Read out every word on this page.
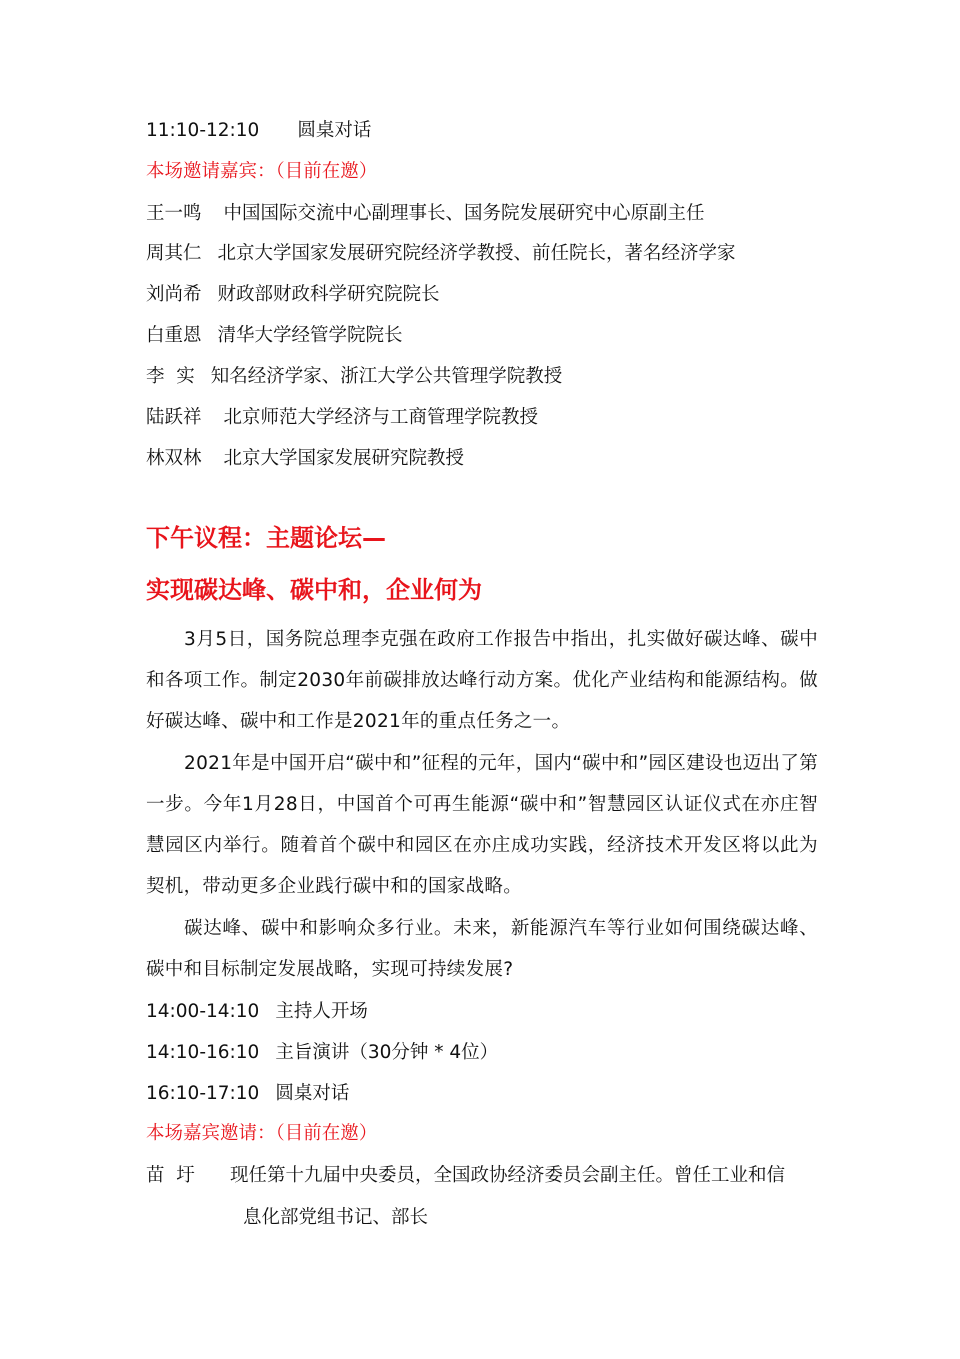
11:10-12:10 圆桌对话
本场邀请嘉宾：（目前在邀）
王一鸣 中国国际交流中心副理事长、国务院发展研究中心原副主任
周其仁 北京大学国家发展研究院经济学教授、前任院长，著名经济学家
刘尚希 财政部财政科学研究院院长
白重恩 清华大学经管学院院长
李  实 知名经济学家、浙江大学公共管理学院教授
陆跃祥 北京师范大学经济与工商管理学院教授
林双林 北京大学国家发展研究院教授
下午议程：主题论坛—
实现碳达峰、碳中和，企业何为
3月5日，国务院总理李克强在政府工作报告中指出，扎实做好碳达峰、碳中和各项工作。制定2030年前碳排放达峰行动方案。优化产业结构和能源结构。做好碳达峰、碳中和工作是2021年的重点任务之一。
2021年是中国开启“碳中和”征程的元年，国内“碳中和”园区建设也迈出了第一步。今年1月28日，中国首个可再生能源“碳中和”智慧园区认证仪式在亦庄智慧园区内举行。随着首个碳中和园区在亦庄成功实践，经济技术开发区将以此为契机，带动更多企业践行碳中和的国家战略。
碳达峰、碳中和影响众多行业。未来，新能源汽车等行业如何围绕碳达峰、碳中和目标制定发展战略，实现可持续发展?
14:00-14:10 主持人开场
14:10-16:10 主旨演讲（30分钟 * 4位）
16:10-17:10 圆桌对话
本场嘉宾邀请：（目前在邀）
苗  圩 现任第十九届中央委员，全国政协经济委员会副主任。曾任工业和信
息化部党组书记、部长
